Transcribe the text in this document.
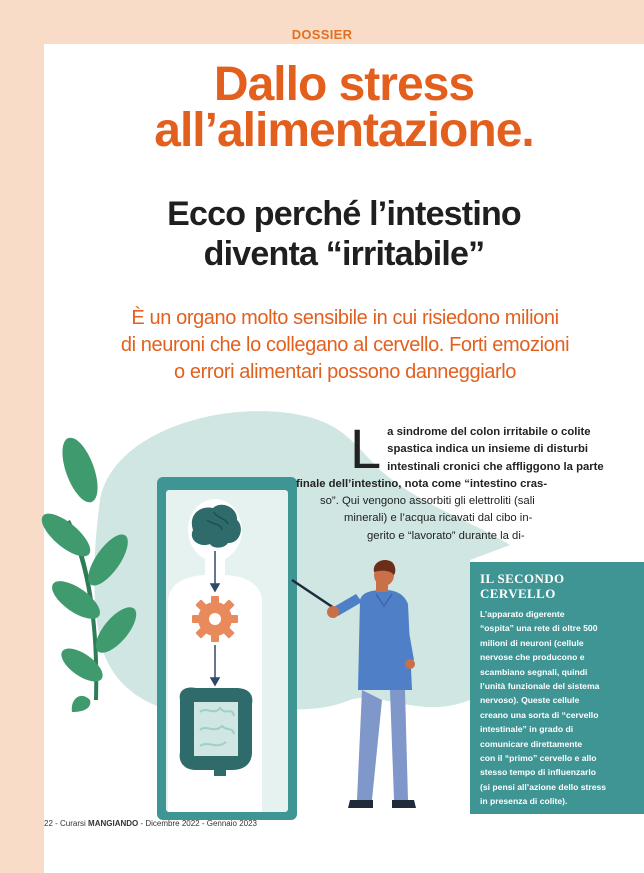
DOSSIER
Dallo stress
all’alimentazione.
Ecco perché l’intestino
diventa “irritabile”
È un organo molto sensibile in cui risiedono milioni
di neuroni che lo collegano al cervello. Forti emozioni
o errori alimentari possono danneggiarlo
L a sindrome del colon irritabile o colite
spastica indica un insieme di disturbi
intestinali cronici che affliggono la parte
finale dell’intestino, nota come “intestino cras-
so”. Qui vengono assorbiti gli elettroliti (sali
minerali) e l’acqua ricavati dal cibo in-
gerito e “lavorato” durante la di-
IL SECONDO
CERVELLO
L’apparato digerente
“ospita” una rete di oltre 500
milioni di neuroni (cellule
nervose che producono e
scambiano segnali, quindi
l’unità funzionale del sistema
nervoso). Queste cellule
creano una sorta di “cervello
intestinale” in grado di
comunicare direttamente
con il “primo” cervello e allo
stesso tempo di influenzarlo
(si pensi all’azione dello stress
in presenza di colite).
22 - Curarsi MANGIANDO - Dicembre 2022 - Gennaio 2023
